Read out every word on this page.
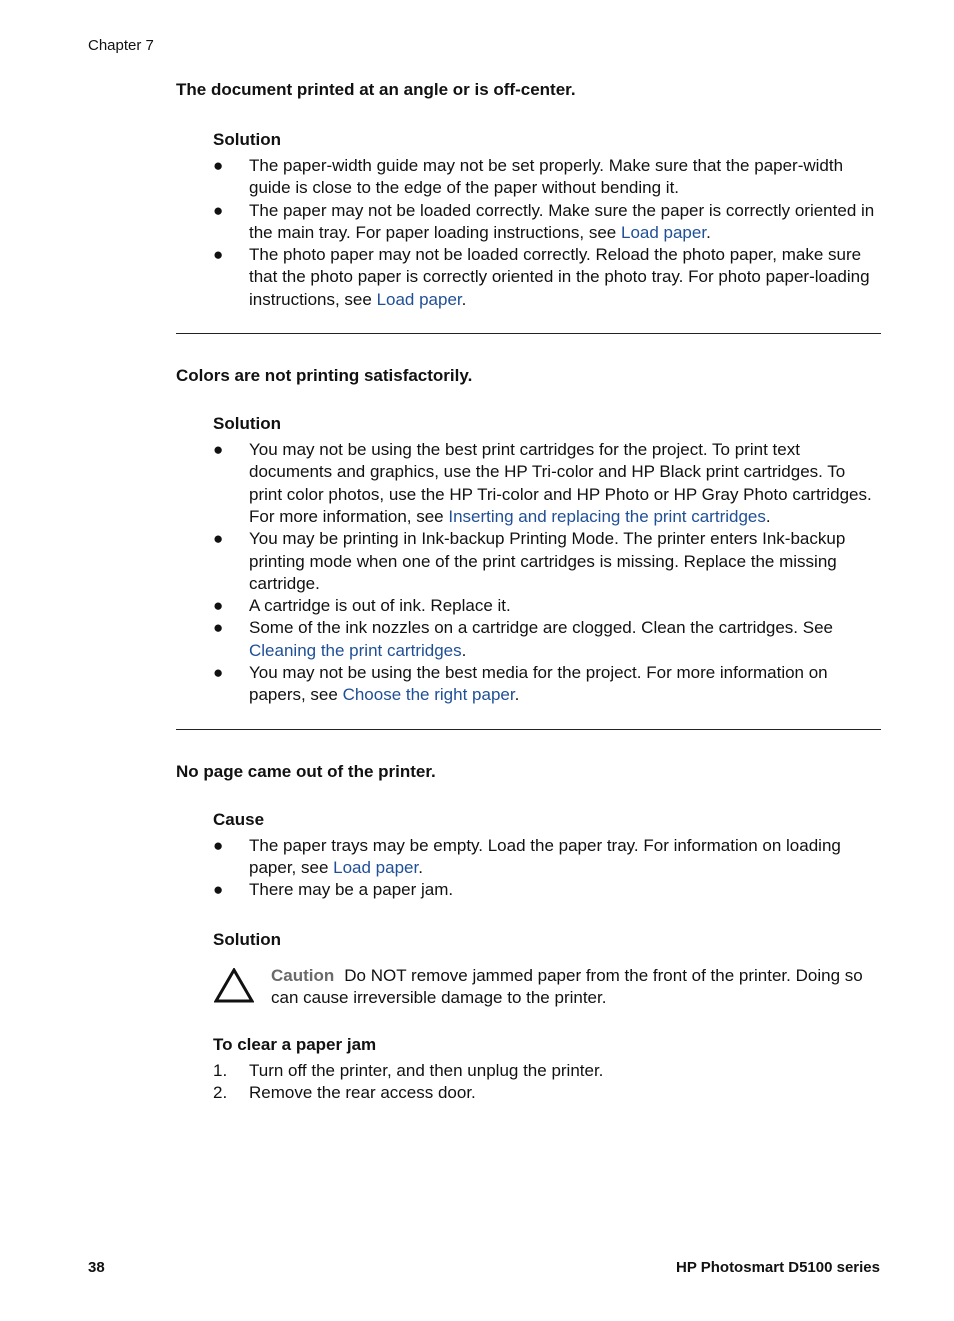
Chapter 7

The document printed at an angle or is off-center.

Solution

● The paper-width guide may not be set properly. Make sure that the paper-width guide is close to the edge of the paper without bending it.
● The paper may not be loaded correctly. Make sure the paper is correctly oriented in the main tray. For paper loading instructions, see Load paper.
● The photo paper may not be loaded correctly. Reload the photo paper, make sure that the photo paper is correctly oriented in the photo tray. For photo paper-loading instructions, see Load paper.

Colors are not printing satisfactorily.

Solution

● You may not be using the best print cartridges for the project. To print text documents and graphics, use the HP Tri-color and HP Black print cartridges. To print color photos, use the HP Tri-color and HP Photo or HP Gray Photo cartridges. For more information, see Inserting and replacing the print cartridges.
● You may be printing in Ink-backup Printing Mode. The printer enters Ink-backup printing mode when one of the print cartridges is missing. Replace the missing cartridge.
● A cartridge is out of ink. Replace it.
● Some of the ink nozzles on a cartridge are clogged. Clean the cartridges. See Cleaning the print cartridges.
● You may not be using the best media for the project. For more information on papers, see Choose the right paper.

No page came out of the printer.

Cause

● The paper trays may be empty. Load the paper tray. For information on loading paper, see Load paper.
● There may be a paper jam.

Solution

Caution Do NOT remove jammed paper from the front of the printer. Doing so can cause irreversible damage to the printer.

To clear a paper jam

1. Turn off the printer, and then unplug the printer.
2. Remove the rear access door.
38	HP Photosmart D5100 series
